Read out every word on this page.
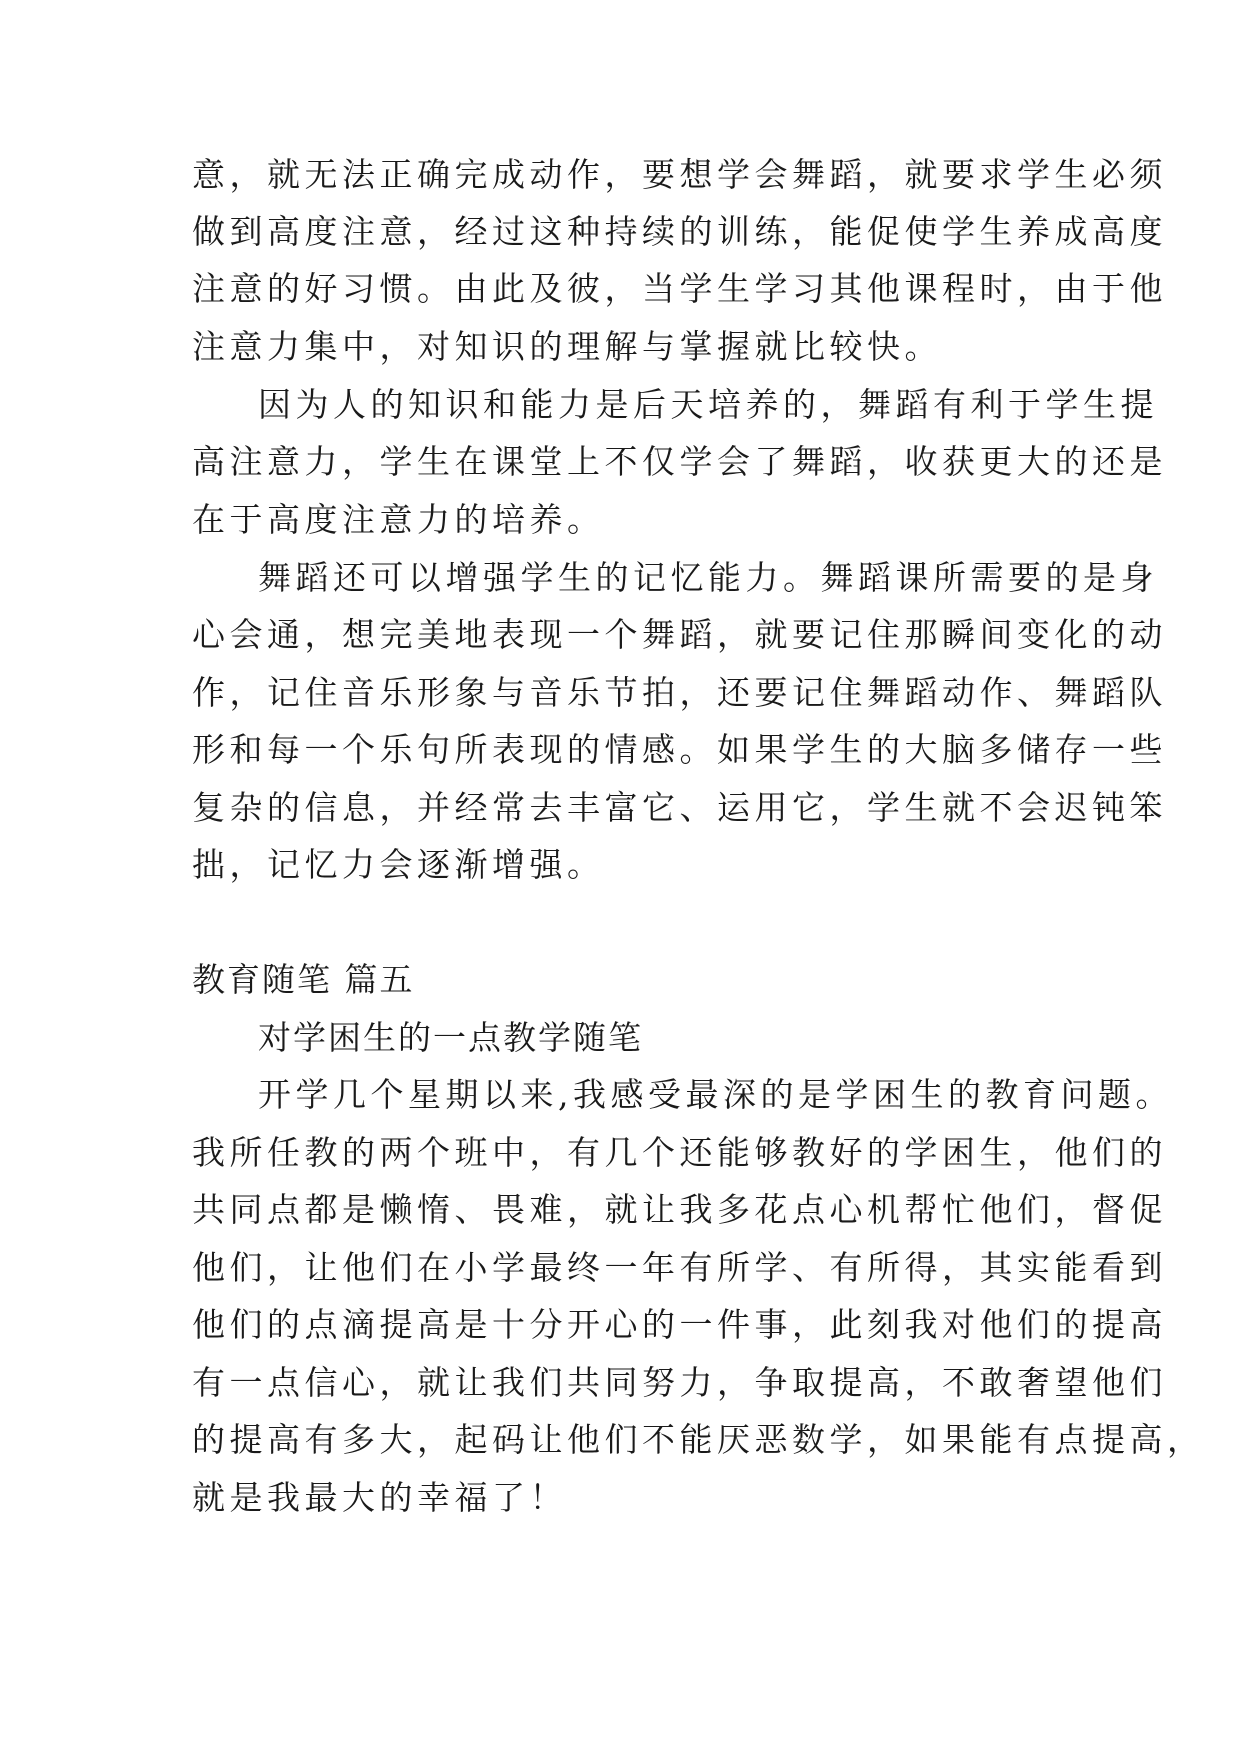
意，就无法正确完成动作，要想学会舞蹈，就要求学生必须
做到高度注意，经过这种持续的训练，能促使学生养成高度
注意的好习惯。由此及彼，当学生学习其他课程时，由于他
注意力集中，对知识的理解与掌握就比较快。
因为人的知识和能力是后天培养的，舞蹈有利于学生提
高注意力，学生在课堂上不仅学会了舞蹈，收获更大的还是
在于高度注意力的培养。
舞蹈还可以增强学生的记忆能力。舞蹈课所需要的是身
心会通，想完美地表现一个舞蹈，就要记住那瞬间变化的动
作，记住音乐形象与音乐节拍，还要记住舞蹈动作、舞蹈队
形和每一个乐句所表现的情感。如果学生的大脑多储存一些
复杂的信息，并经常去丰富它、运用它，学生就不会迟钝笨
拙，记忆力会逐渐增强。
教育随笔 篇五
对学困生的一点教学随笔
开学几个星期以来,我感受最深的是学困生的教育问题。
我所任教的两个班中，有几个还能够教好的学困生，他们的
共同点都是懒惰、畏难，就让我多花点心机帮忙他们，督促
他们，让他们在小学最终一年有所学、有所得，其实能看到
他们的点滴提高是十分开心的一件事，此刻我对他们的提高
有一点信心，就让我们共同努力，争取提高，不敢奢望他们
的提高有多大，起码让他们不能厌恶数学，如果能有点提高，
就是我最大的幸福了！
